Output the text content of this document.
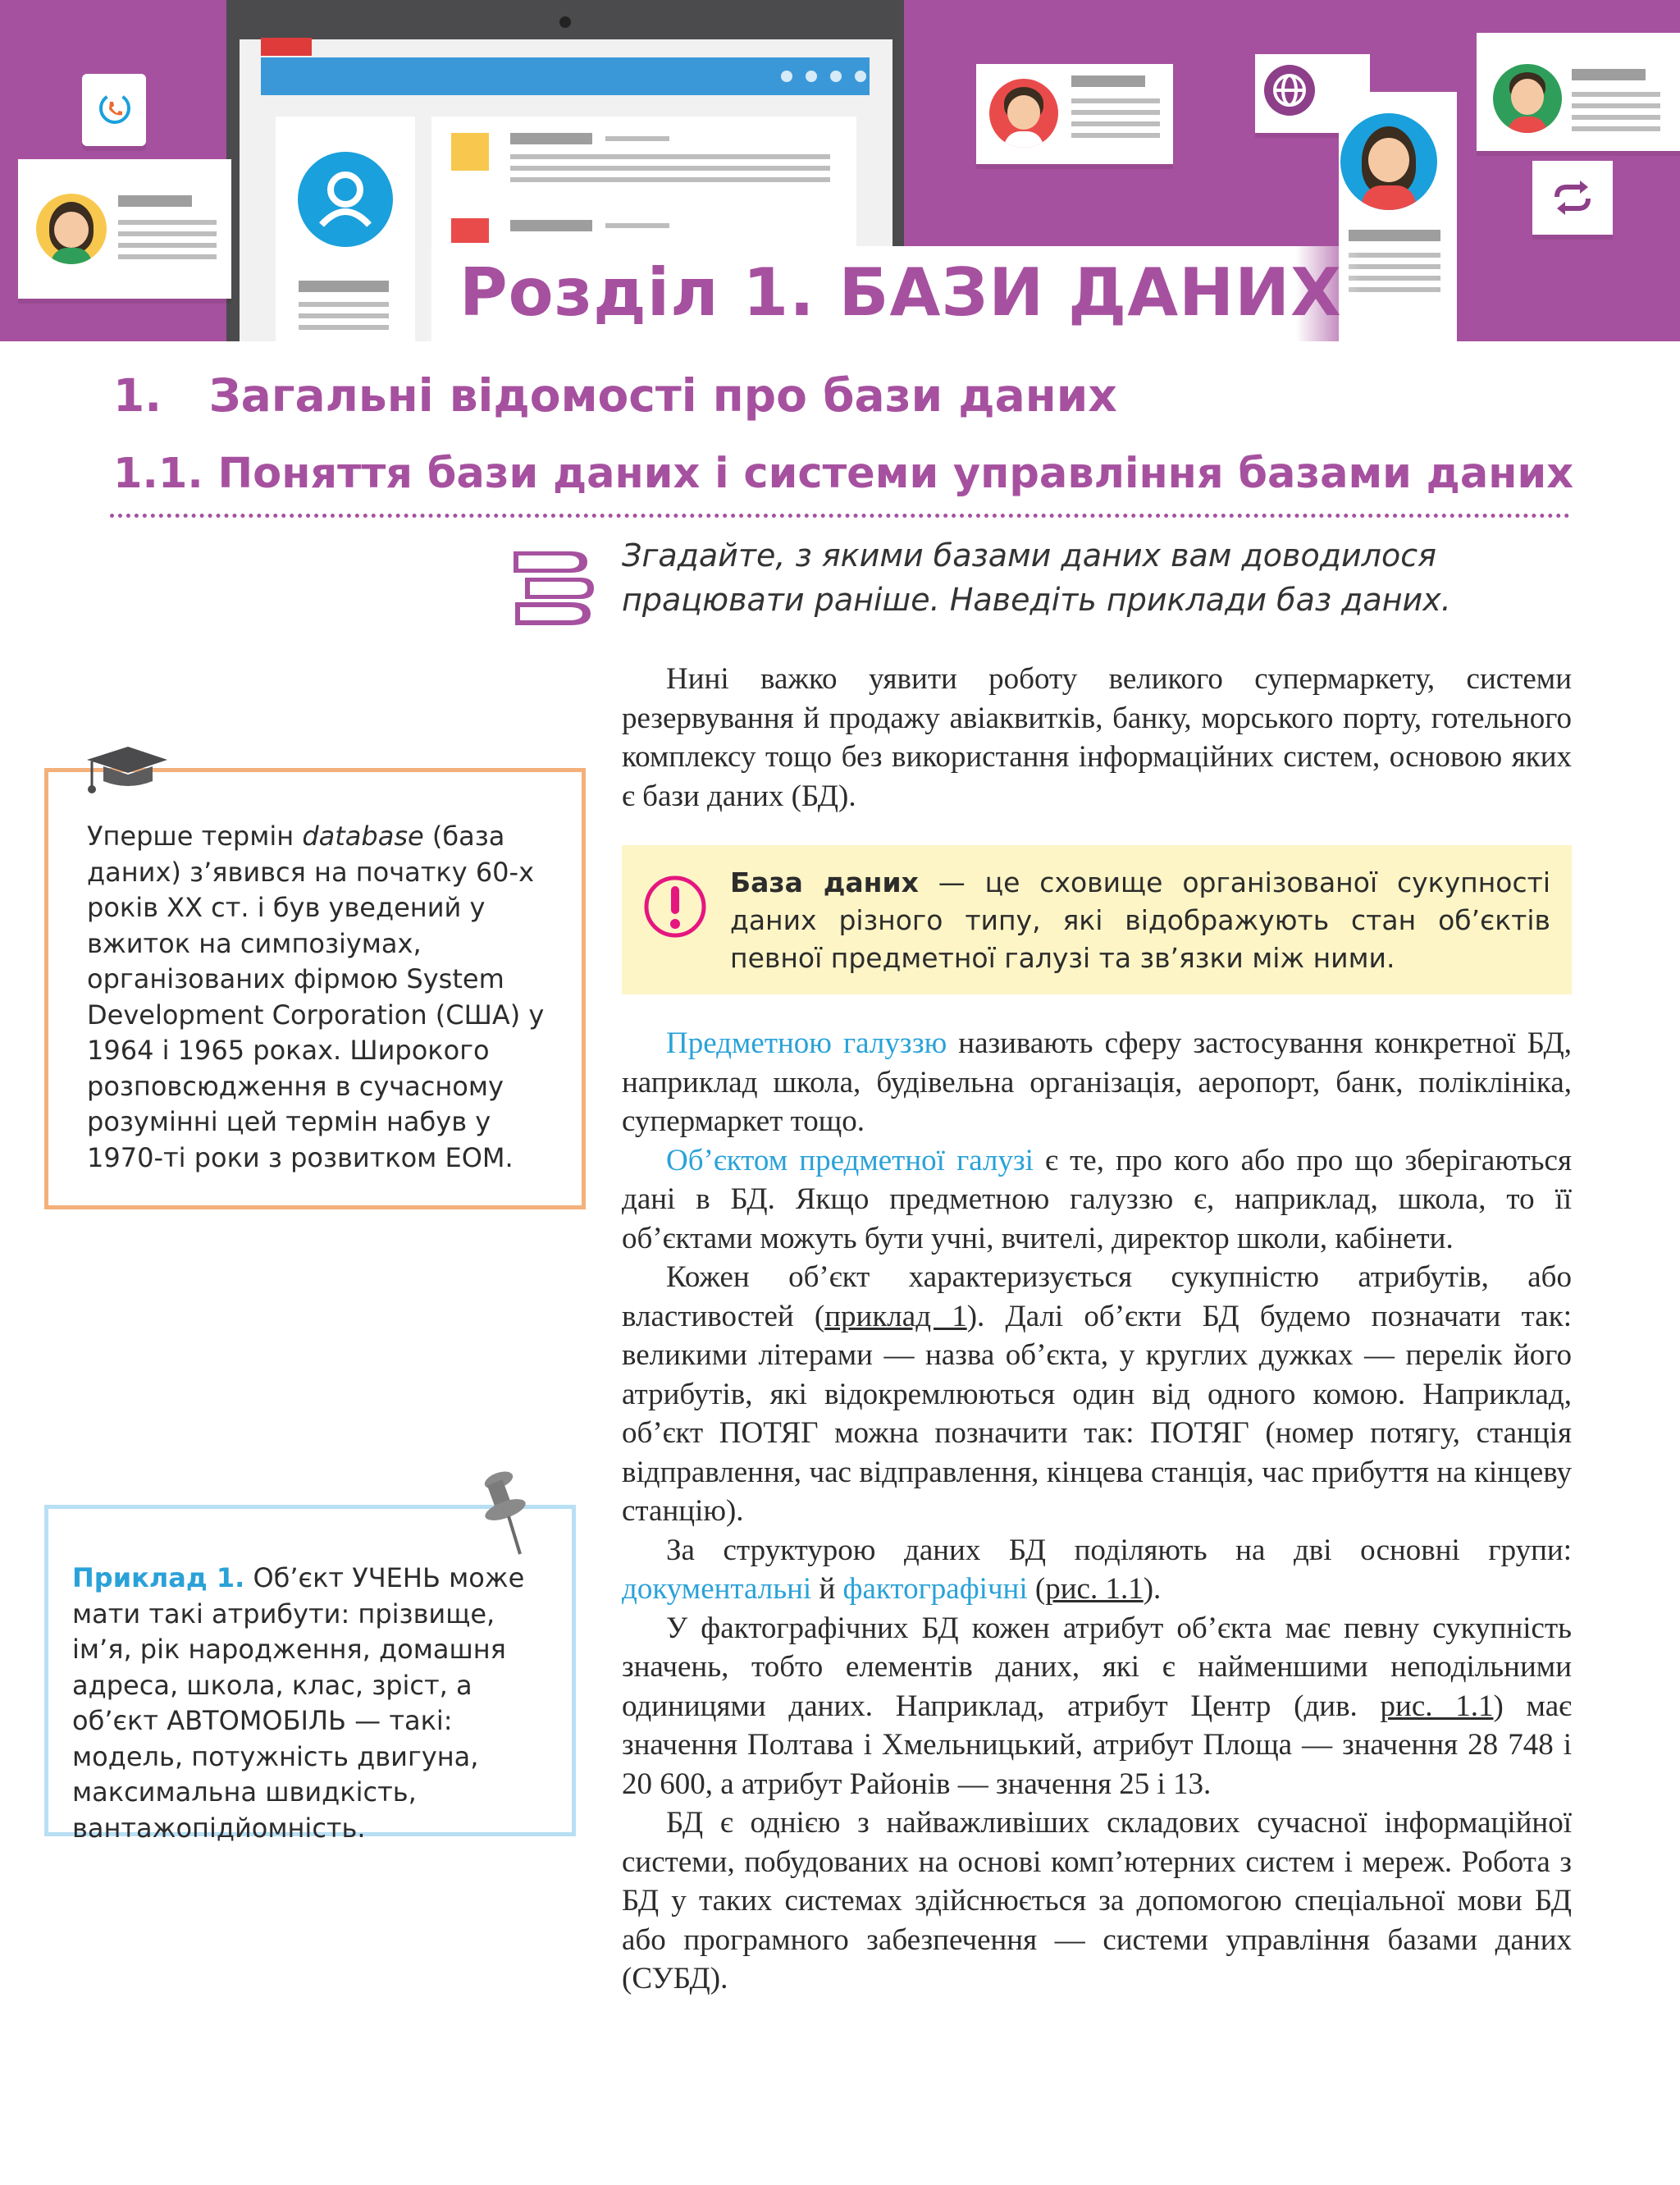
Розділ 1. БАЗИ ДАНИХ
1.   Загальні відомості про бази даних
1.1. Поняття бази даних і системи управління базами даних
Згадайте, з якими базами даних вам доводилося працювати раніше. Наведіть приклади баз даних.
Нині важко уявити роботу великого супермаркету, системи резервування й продажу авіаквитків, банку, морського порту, готельного комплексу тощо без використання інформаційних систем, основою яких є бази даних (БД).
База даних — це сховище організованої сукупності даних різного типу, які відображують стан об’єктів певної предметної галузі та зв’язки між ними.
Предметною галуззю називають сферу застосування конкретної БД, наприклад школа, будівельна організація, аеропорт, банк, поліклініка, супермаркет тощо.
Об’єктом предметної галузі є те, про кого або про що зберігаються дані в БД. Якщо предметною галуззю є, наприклад, школа, то її об’єктами можуть бути учні, вчителі, директор школи, кабінети.
Кожен об’єкт характеризується сукупністю атрибутів, або властивостей (приклад 1). Далі об’єкти БД будемо позначати так: великими літерами — назва об’єкта, у круглих дужках — перелік його атрибутів, які відокремлюються один від одного комою. Наприклад, об’єкт ПОТЯГ можна позначити так: ПОТЯГ (номер потягу, станція відправлення, час відправлення, кінцева станція, час прибуття на кінцеву станцію).
За структурою даних БД поділяють на дві основні групи: документальні й фактографічні (рис. 1.1).
У фактографічних БД кожен атрибут об’єкта має певну сукупність значень, тобто елементів даних, які є найменшими неподільними одиницями даних. Наприклад, атрибут Центр (див. рис. 1.1) має значення Полтава і Хмельницький, атрибут Площа — значення 28 748 і 20 600, а атрибут Районів — значення 25 і 13.
БД є однією з найважливіших складових сучасної інформаційної системи, побудованих на основі комп’ютерних систем і мереж. Робота з БД у таких системах здійснюється за допомогою спеціальної мови БД або програмного забезпечення — системи управління базами даних (СУБД).
Уперше термін database (база даних) з’явився на початку 60-х років XX ст. і був уведений у вжиток на симпозіумах, організованих фірмою System Development Corporation (США) у 1964 і 1965 роках. Широкого розповсюдження в сучасному розумінні цей термін набув у 1970-ті роки з розвитком ЕОМ.
Приклад 1. Об’єкт УЧЕНЬ може мати такі атрибути: прізвище, ім’я, рік народження, домашня адреса, школа, клас, зріст, а об’єкт АВТОМОБІЛЬ — такі: модель, потужність двигуна, максимальна швидкість, вантажопідйомність.
